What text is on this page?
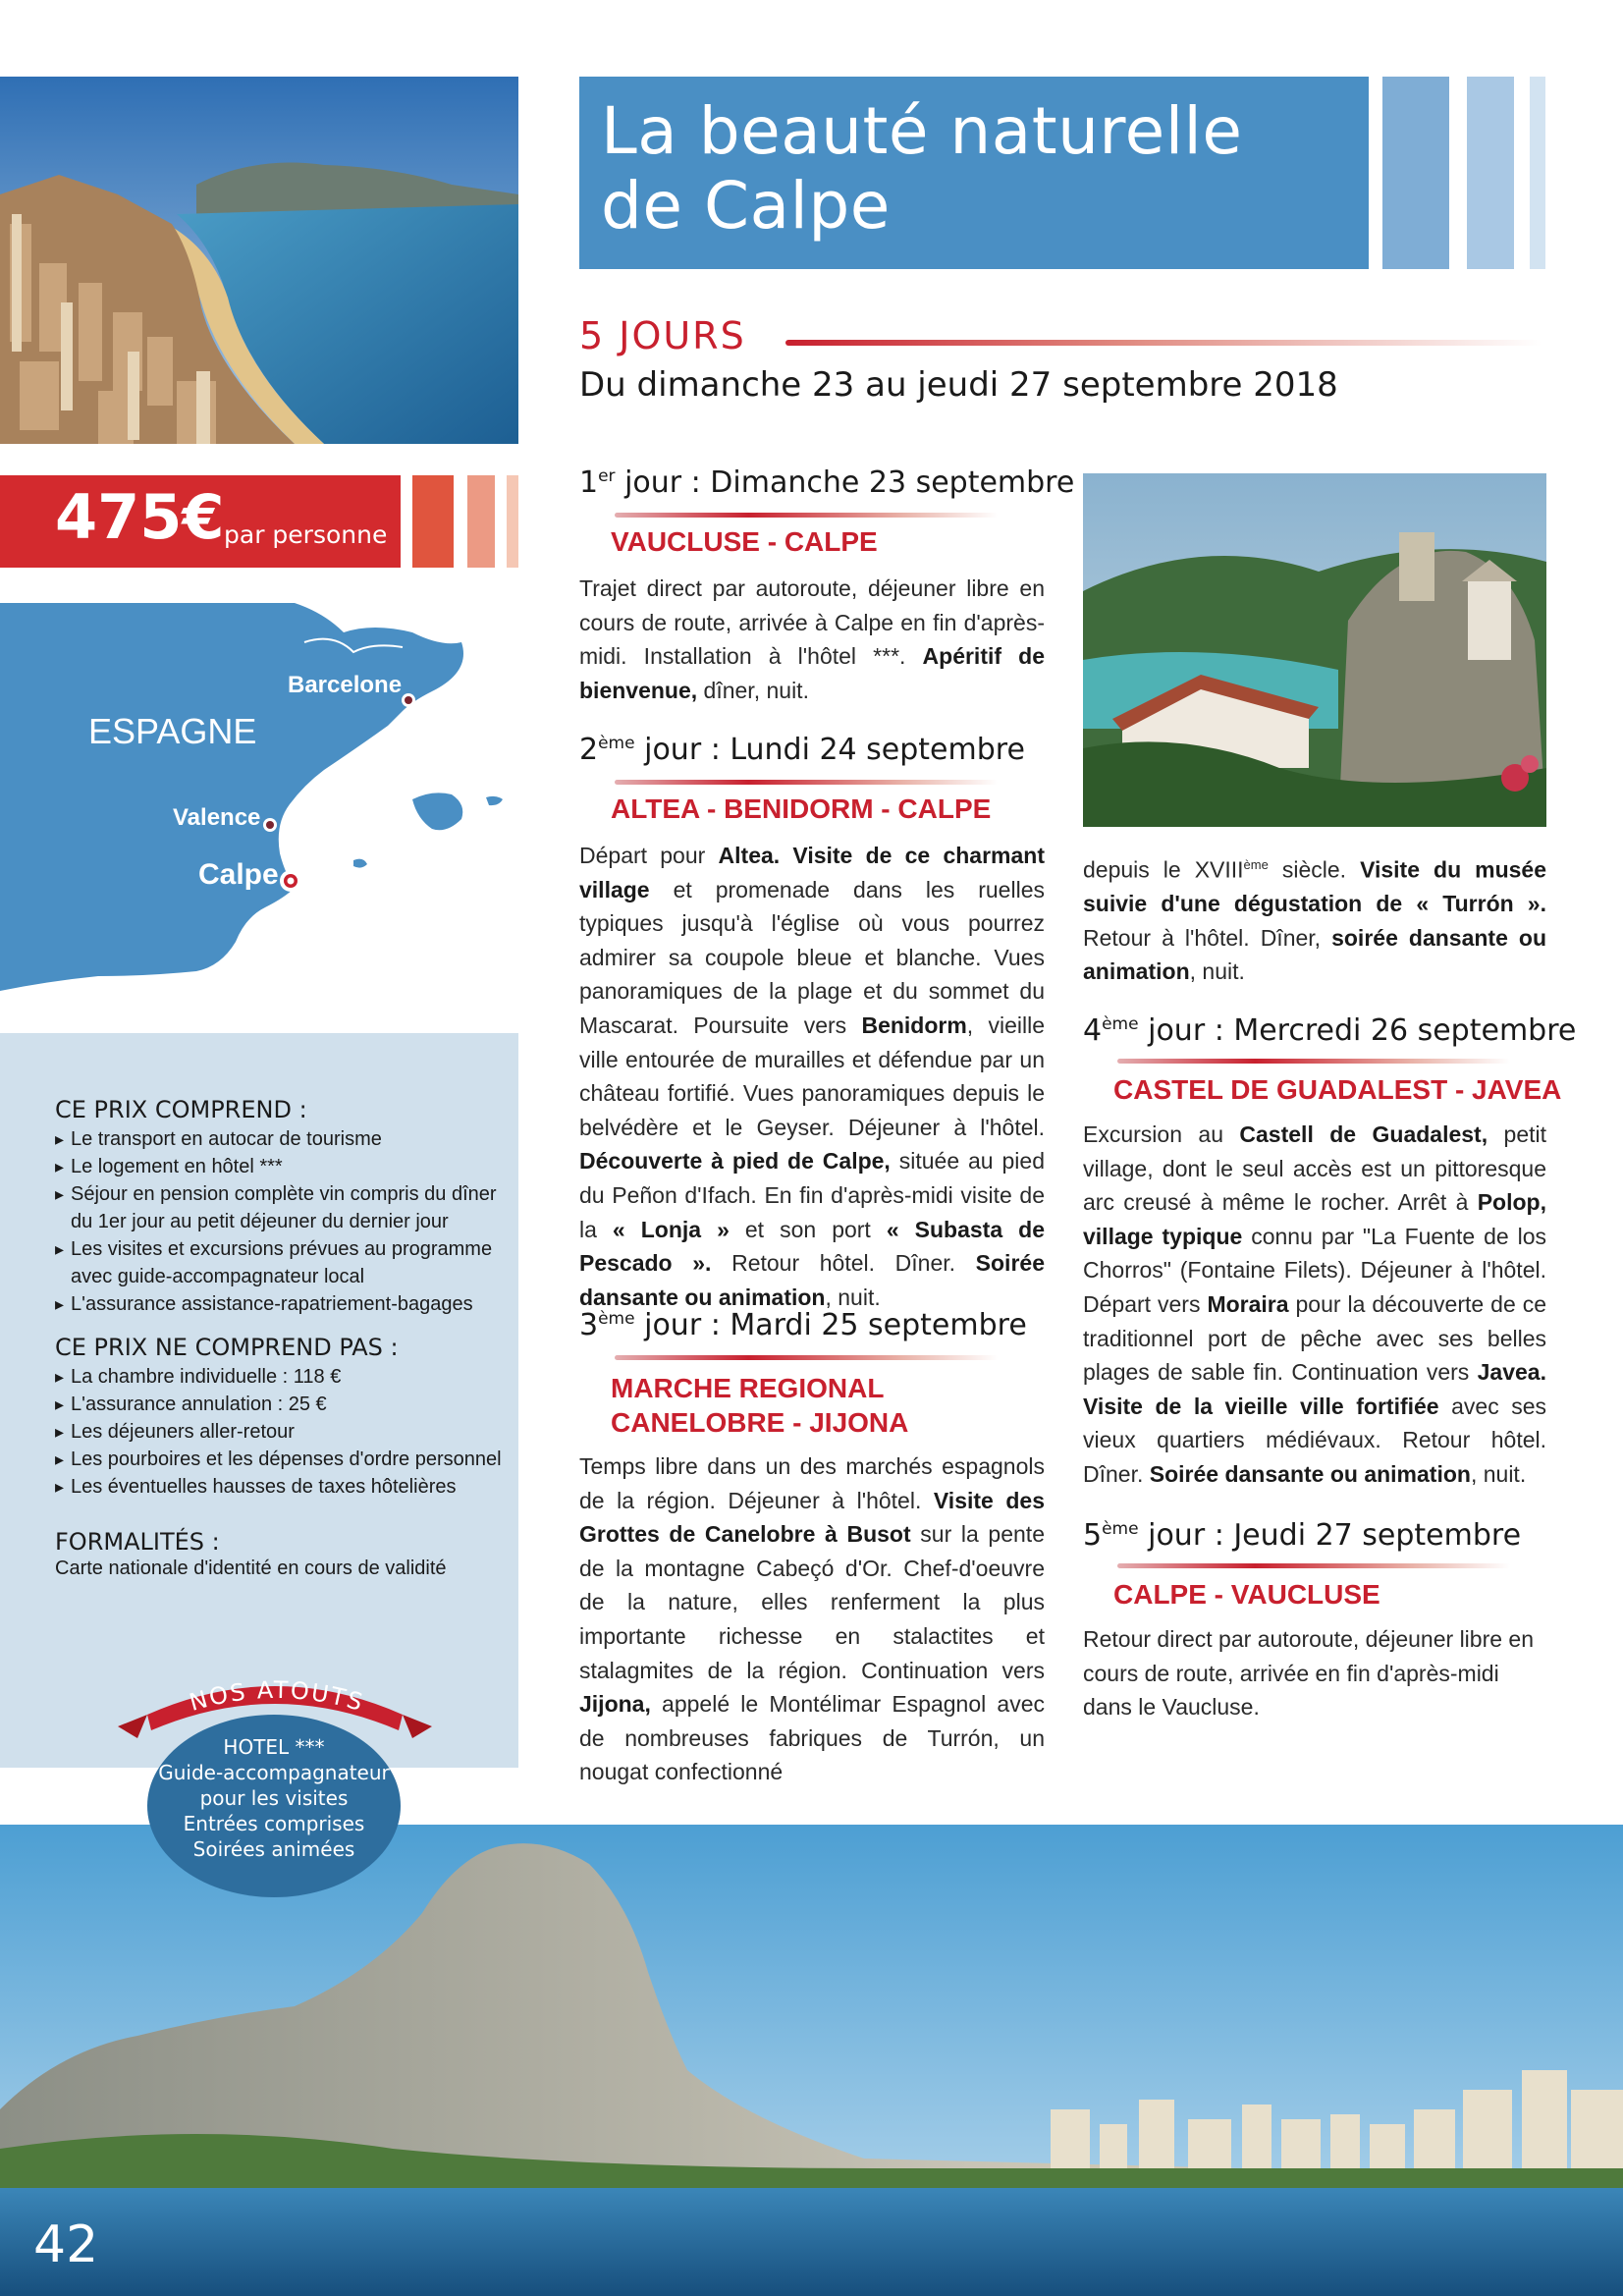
La beauté naturelle
de Calpe
5 JOURS
Du dimanche 23 au jeudi 27 septembre 2018
475€ par personne
ESPAGNE
Barcelone
Valence
Calpe
CE PRIX COMPREND :
▸ Le transport en autocar de tourisme
▸ Le logement en hôtel ***
▸ Séjour en pension complète vin compris du dîner du 1er jour au petit déjeuner du dernier jour
▸ Les visites et excursions prévues au programme avec guide-accompagnateur local
▸ L'assurance assistance-rapatriement-bagages
CE PRIX NE COMPREND PAS :
▸ La chambre individuelle : 118 €
▸ L'assurance annulation : 25 €
▸ Les déjeuners aller-retour
▸ Les pourboires et les dépenses d'ordre personnel
▸ Les éventuelles hausses de taxes hôtelières
FORMALITÉS :
Carte nationale d'identité en cours de validité
42
NOS ATOUTS
HOTEL ***
Guide-accompagnateur
pour les visites
Entrées comprises
Soirées animées
1er jour : Dimanche 23 septembre
VAUCLUSE - CALPE

Trajet direct par autoroute, déjeuner libre en cours de route, arrivée à Calpe en fin d'après-midi. Installation à l'hôtel ***. Apéritif de bienvenue, dîner, nuit.

2ème jour : Lundi 24 septembre
ALTEA - BENIDORM - CALPE

Départ pour Altea. Visite de ce charmant village et promenade dans les ruelles typiques jusqu'à l'église où vous pourrez admirer sa coupole bleue et blanche. Vues panoramiques de la plage et du sommet du Mascarat. Poursuite vers Benidorm, vieille ville entourée de murailles et défendue par un château fortifié. Vues panoramiques depuis le belvédère et le Geyser. Déjeuner à l'hôtel. Découverte à pied de Calpe, située au pied du Peñon d'Ifach. En fin d'après-midi visite de la « Lonja » et son port « Subasta de Pescado ». Retour hôtel. Dîner. Soirée dansante ou animation, nuit.

3ème jour : Mardi 25 septembre
MARCHE REGIONAL
CANELOBRE - JIJONA

Temps libre dans un des marchés espagnols de la région. Déjeuner à l'hôtel. Visite des Grottes de Canelobre à Busot sur la pente de la montagne Cabeçó d'Or. Chef-d'oeuvre de la nature, elles renferment la plus importante richesse en stalactites et stalagmites de la région. Continuation vers Jijona, appelé le Montélimar Espagnol avec de nombreuses fabriques de Turrón, un nougat confectionné

depuis le XVIIIème siècle. Visite du musée suivie d'une dégustation de « Turrón ». Retour à l'hôtel. Dîner, soirée dansante ou animation, nuit.

4ème jour : Mercredi 26 septembre
CASTEL DE GUADALEST - JAVEA

Excursion au Castell de Guadalest, petit village, dont le seul accès est un pittoresque arc creusé à même le rocher. Arrêt à Polop, village typique connu par "La Fuente de los Chorros" (Fontaine Filets). Déjeuner à l'hôtel. Départ vers Moraira pour la découverte de ce traditionnel port de pêche avec ses belles plages de sable fin. Continuation vers Javea. Visite de la vieille ville fortifiée avec ses vieux quartiers médiévaux. Retour hôtel. Dîner. Soirée dansante ou animation, nuit.

5ème jour : Jeudi 27 septembre
CALPE - VAUCLUSE

Retour direct par autoroute, déjeuner libre en cours de route, arrivée en fin d'après-midi dans le Vaucluse.
